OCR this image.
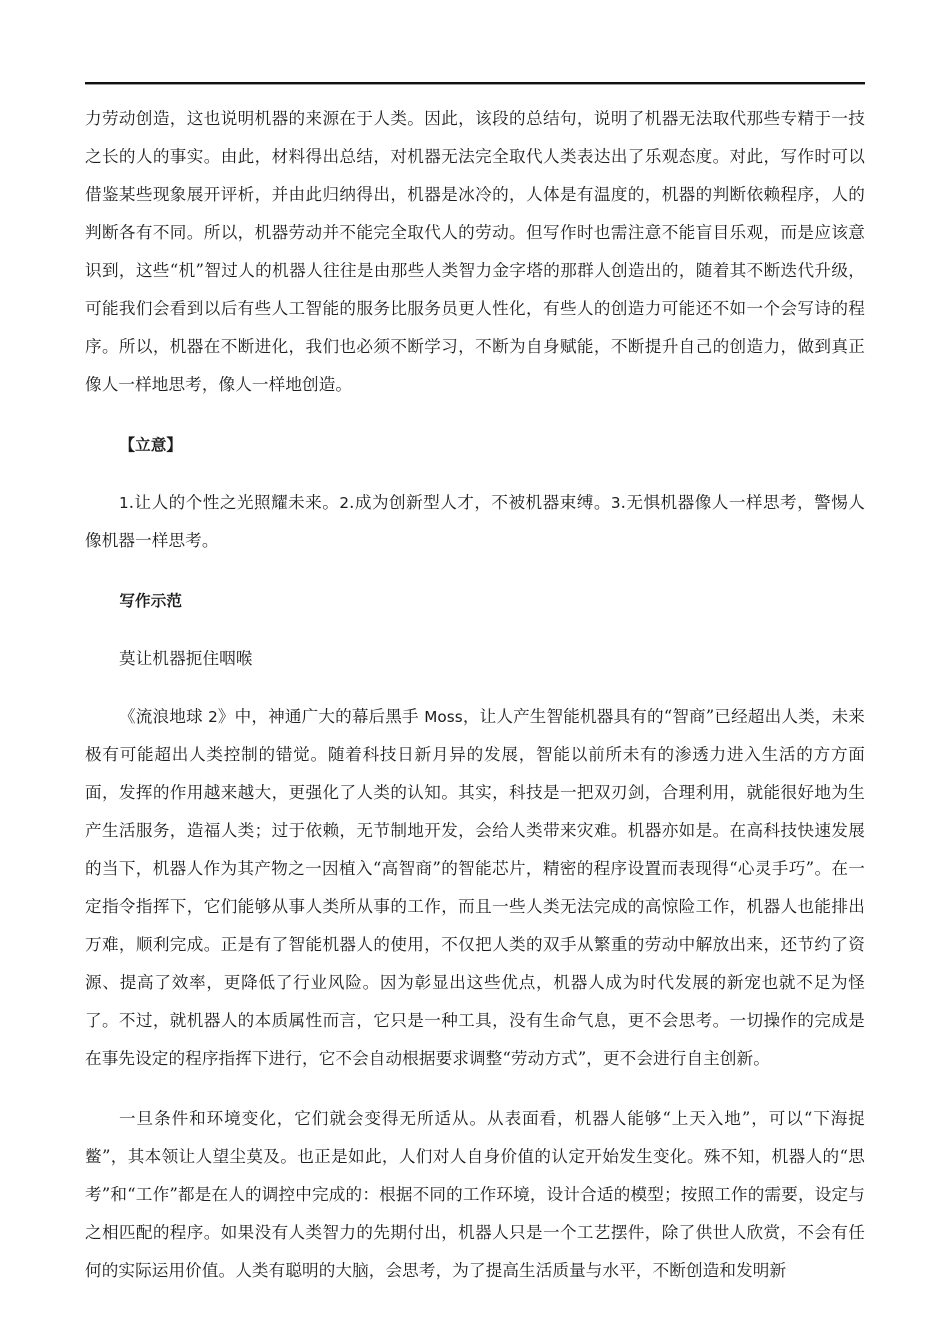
力劳动创造，这也说明机器的来源在于人类。因此，该段的总结句，说明了机器无法取代那些专精于一技之长的人的事实。由此，材料得出总结，对机器无法完全取代人类表达出了乐观态度。对此，写作时可以借鉴某些现象展开评析，并由此归纳得出，机器是冰冷的，人体是有温度的，机器的判断依赖程序，人的判断各有不同。所以，机器劳动并不能完全取代人的劳动。但写作时也需注意不能盲目乐观，而是应该意识到，这些“机”智过人的机器人往往是由那些人类智力金字塔的那群人创造出的，随着其不断迭代升级，可能我们会看到以后有些人工智能的服务比服务员更人性化，有些人的创造力可能还不如一个会写诗的程序。所以，机器在不断进化，我们也必须不断学习，不断为自身赋能，不断提升自己的创造力，做到真正像人一样地思考，像人一样地创造。

【立意】

1.让人的个性之光照耀未来。2.成为创新型人才，不被机器束缚。3.无惧机器像人一样思考，警惕人像机器一样思考。

写作示范

莫让机器扼住咽喉

《流浪地球 2》中，神通广大的幕后黑手 Moss，让人产生智能机器具有的“智商”已经超出人类，未来极有可能超出人类控制的错觉。随着科技日新月异的发展，智能以前所未有的渗透力进入生活的方方面面，发挥的作用越来越大，更强化了人类的认知。其实，科技是一把双刃剑，合理利用，就能很好地为生产生活服务，造福人类；过于依赖，无节制地开发，会给人类带来灾难。机器亦如是。在高科技快速发展的当下，机器人作为其产物之一因植入“高智商”的智能芯片，精密的程序设置而表现得“心灵手巧”。在一定指令指挥下，它们能够从事人类所从事的工作，而且一些人类无法完成的高惊险工作，机器人也能排出万难，顺利完成。正是有了智能机器人的使用，不仅把人类的双手从繁重的劳动中解放出来，还节约了资源、提高了效率，更降低了行业风险。因为彰显出这些优点，机器人成为时代发展的新宠也就不足为怪了。不过，就机器人的本质属性而言，它只是一种工具，没有生命气息，更不会思考。一切操作的完成是在事先设定的程序指挥下进行，它不会自动根据要求调整“劳动方式”，更不会进行自主创新。

一旦条件和环境变化，它们就会变得无所适从。从表面看，机器人能够“上天入地”，可以“下海捉鳖”，其本领让人望尘莫及。也正是如此，人们对人自身价值的认定开始发生变化。殊不知，机器人的“思考”和“工作”都是在人的调控中完成的：根据不同的工作环境，设计合适的模型；按照工作的需要，设定与之相匹配的程序。如果没有人类智力的先期付出，机器人只是一个工艺摆件，除了供世人欣赏，不会有任何的实际运用价值。人类有聪明的大脑，会思考，为了提高生活质量与水平，不断创造和发明新
